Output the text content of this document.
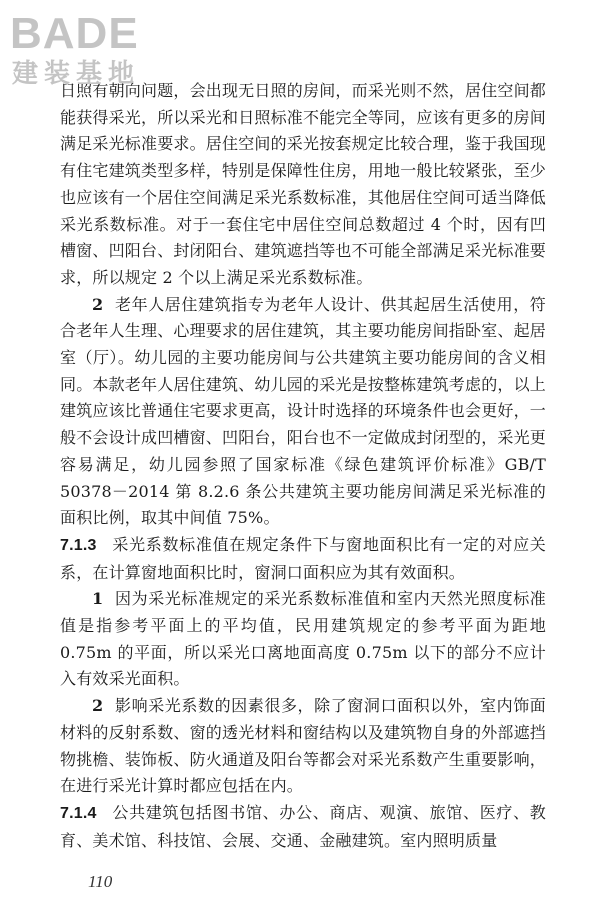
BADE
建装基地

日照有朝向问题，会出现无日照的房间，而采光则不然，居住空间都能获得采光，所以采光和日照标准不能完全等同，应该有更多的房间满足采光标准要求。居住空间的采光按套规定比较合理，鉴于我国现有住宅建筑类型多样，特别是保障性住房，用地一般比较紧张，至少也应该有一个居住空间满足采光系数标准，其他居住空间可适当降低采光系数标准。对于一套住宅中居住空间总数超过 4 个时，因有凹槽窗、凹阳台、封闭阳台、建筑遮挡等也不可能全部满足采光标准要求，所以规定 2 个以上满足采光系数标准。

2 老年人居住建筑指专为老年人设计、供其起居生活使用，符合老年人生理、心理要求的居住建筑，其主要功能房间指卧室、起居室（厅）。幼儿园的主要功能房间与公共建筑主要功能房间的含义相同。本款老年人居住建筑、幼儿园的采光是按整栋建筑考虑的，以上建筑应该比普通住宅要求更高，设计时选择的环境条件也会更好，一般不会设计成凹槽窗、凹阳台，阳台也不一定做成封闭型的，采光更容易满足，幼儿园参照了国家标准《绿色建筑评价标准》GB/T 50378－2014 第 8.2.6 条公共建筑主要功能房间满足采光标准的面积比例，取其中间值 75%。

7.1.3 采光系数标准值在规定条件下与窗地面积比有一定的对应关系，在计算窗地面积比时，窗洞口面积应为其有效面积。

1 因为采光标准规定的采光系数标准值和室内天然光照度标准值是指参考平面上的平均值，民用建筑规定的参考平面为距地 0.75m 的平面，所以采光口离地面高度 0.75m 以下的部分不应计入有效采光面积。

2 影响采光系数的因素很多，除了窗洞口面积以外，室内饰面材料的反射系数、窗的透光材料和窗结构以及建筑物自身的外部遮挡物挑檐、装饰板、防火通道及阳台等都会对采光系数产生重要影响，在进行采光计算时都应包括在内。

7.1.4 公共建筑包括图书馆、办公、商店、观演、旅馆、医疗、教育、美术馆、科技馆、会展、交通、金融建筑。室内照明质量

110
